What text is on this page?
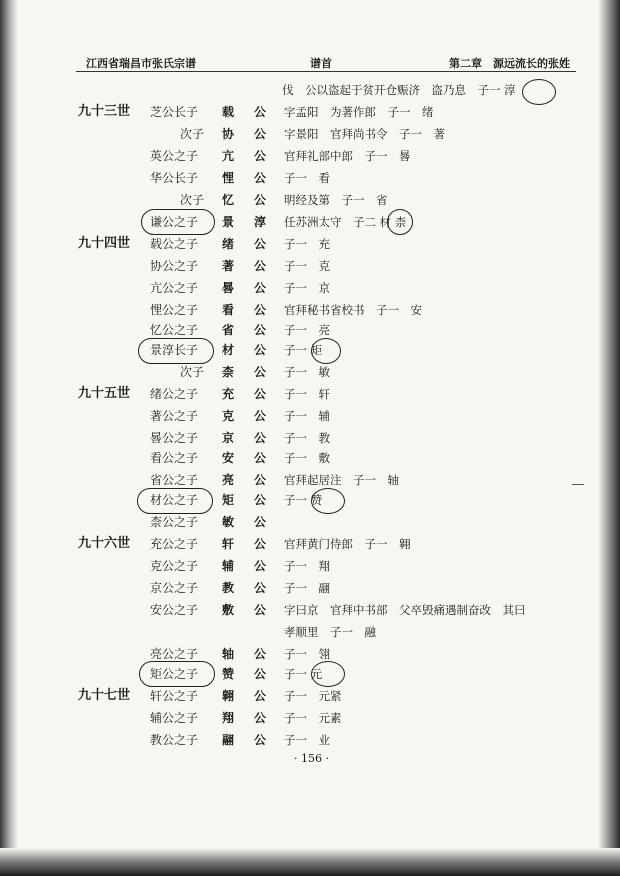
江西省瑞昌市张氏宗谱	谱首	第二章　源远流长的张姓
伐　公以盗起于贫开仓赈济　盗乃息　子一 淳
九十三世 芝公长子 载 公 字孟阳　为著作郎　子一　绪
次子 协 公 字景阳　官拜尚书令　子一　著
英公之子 亢 公 官拜礼部中郎　子一　晷
华公长子 悝 公 子一　看
次子 忆 公 明经及第　子一　省
谦公之子 景 淳 任苏洲太守　子二 材 柰
九十四世 载公之子 绪 公 子一　充
协公之子 著 公 子一　克
亢公之子 晷 公 子一　京
悝公之子 看 公 官拜秘书省校书　子一　安
忆公之子 省 公 子一　亮
景淳长子 材 公 子一 矩
次子 柰 公 子一　敏
九十五世 绪公之子 充 公 子一　轩
著公之子 克 公 子一　辅
晷公之子 京 公 子一　教
看公之子 安 公 子一　敷
省公之子 亮 公 官拜起居注　子一　轴
材公之子 矩 公 子一 赞
柰公之子 敏 公
九十六世 充公之子 轩 公 官拜黄门侍郎　子一　翱
克公之子 辅 公 子一　翔
京公之子 教 公 子一　翮
安公之子 敷 公 字曰京　官拜中书部　父卒毁痛遇制奋改　其曰
孝顺里　子一　融
亮公之子 轴 公 子一　翎
矩公之子 赞 公 子一 元
九十七世 轩公之子 翱 公 子一　元紧
辅公之子 翔 公 子一　元素
教公之子 翮 公 子一　业
· 156 ·
